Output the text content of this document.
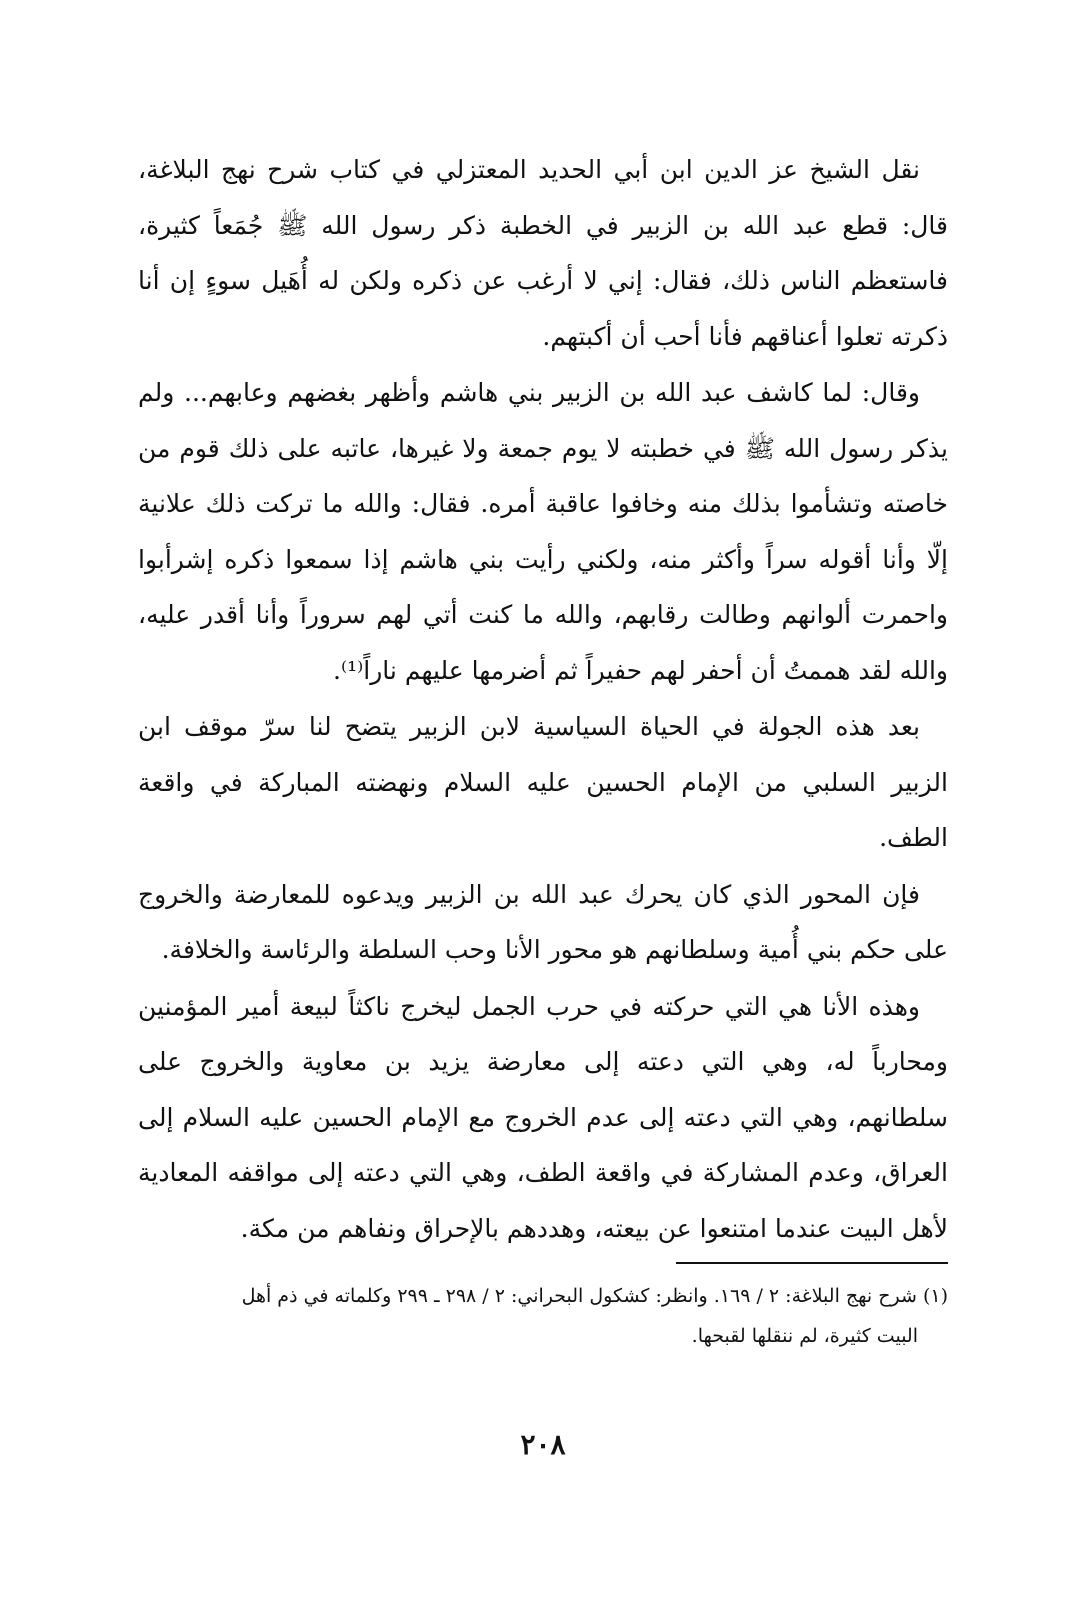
نقل الشيخ عز الدين ابن أبي الحديد المعتزلي في كتاب شرح نهج البلاغة، قال: قطع عبد الله بن الزبير في الخطبة ذكر رسول الله ﷺ جُمَعاً كثيرة، فاستعظم الناس ذلك، فقال: إني لا أرغب عن ذكره ولكن له أُهَيل سوءٍ إن أنا ذكرته تعلوا أعناقهم فأنا أحب أن أكبتهم.

وقال: لما كاشف عبد الله بن الزبير بني هاشم وأظهر بغضهم وعابهم... ولم يذكر رسول الله ﷺ في خطبته لا يوم جمعة ولا غيرها، عاتبه على ذلك قوم من خاصته وتشأموا بذلك منه وخافوا عاقبة أمره. فقال: والله ما تركت ذلك علانية إلّا وأنا أقوله سراً وأكثر منه، ولكني رأيت بني هاشم إذا سمعوا ذكره إشرأبوا واحمرت ألوانهم وطالت رقابهم، والله ما كنت أتي لهم سروراً وأنا أقدر عليه، والله لقد هممتُ أن أحفر لهم حفيراً ثم أضرمها عليهم ناراً⁽¹⁾.

بعد هذه الجولة في الحياة السياسية لابن الزبير يتضح لنا سرّ موقف ابن الزبير السلبي من الإمام الحسين عليه السلام ونهضته المباركة في واقعة الطف.

فإن المحور الذي كان يحرك عبد الله بن الزبير ويدعوه للمعارضة والخروج على حكم بني أُمية وسلطانهم هو محور الأنا وحب السلطة والرئاسة والخلافة.

وهذه الأنا هي التي حركته في حرب الجمل ليخرج ناكثاً لبيعة أمير المؤمنين ومحارباً له، وهي التي دعته إلى معارضة يزيد بن معاوية والخروج على سلطانهم، وهي التي دعته إلى عدم الخروج مع الإمام الحسين عليه السلام إلى العراق، وعدم المشاركة في واقعة الطف، وهي التي دعته إلى مواقفه المعادية لأهل البيت عندما امتنعوا عن بيعته، وهددهم بالإحراق ونفاهم من مكة.

(١) شرح نهج البلاغة: ٢ / ١٦٩. وانظر: كشكول البحراني: ٢ / ٢٩٨ ـ ٢٩٩ وكلماته في ذم أهل

البيت كثيرة، لم ننقلها لقبحها.

٢٠٨
